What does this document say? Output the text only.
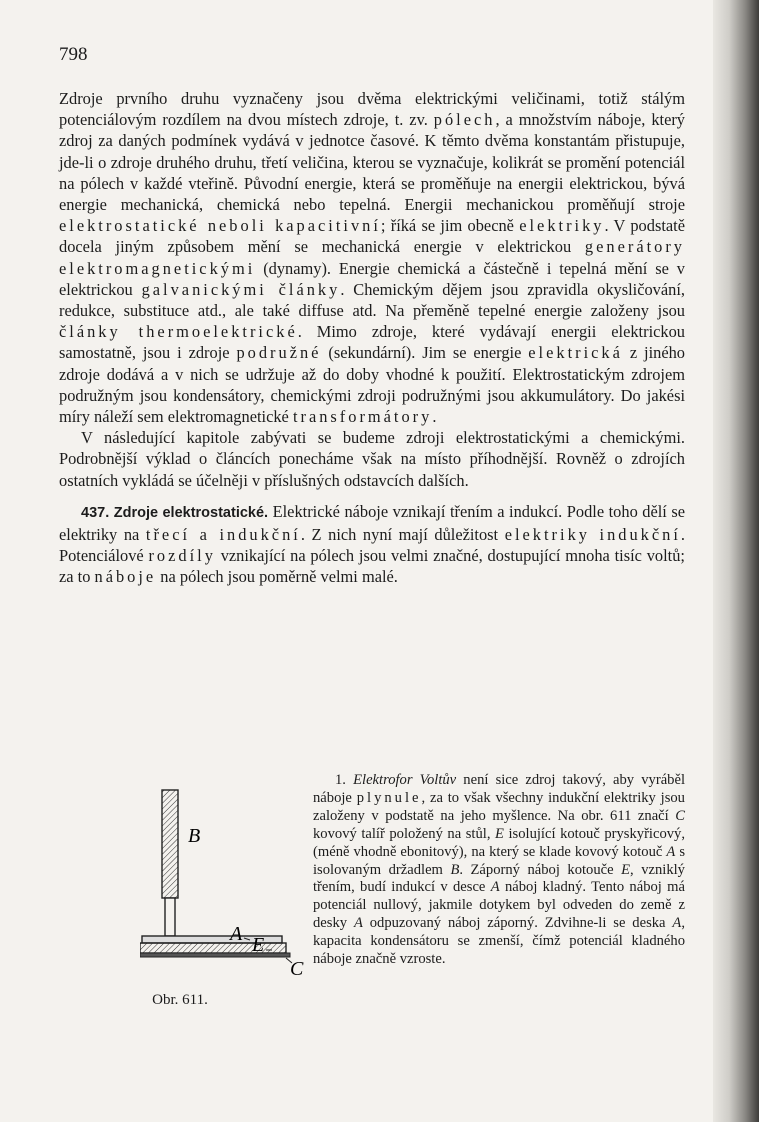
798

Zdroje prvního druhu vyznačeny jsou dvěma elektrickými veličinami, totiž stálým potenciálovým rozdílem na dvou místech zdroje, t. zv. pólech, a množstvím náboje, který zdroj za daných podmínek vydává v jednotce časové. K těmto dvěma konstantám přistupuje, jde-li o zdroje druhého druhu, třetí veličina, kterou se vyznačuje, kolikrát se promění potenciál na pólech v každé vteřině. Původní energie, která se proměňuje na energii elektrickou, bývá energie mechanická, chemická nebo tepelná. Energii mechanickou proměňují stroje elektrostatické neboli kapacitivní; říká se jim obecně elektriky. V podstatě docela jiným způsobem mění se mechanická energie v elektrickou generátory elektromagnetickými (dynamy). Energie chemická a částečně i tepelná mění se v elektrickou galvanickými články. Chemickým dějem jsou zpravidla okysličování, redukce, substituce atd., ale také diffuse atd. Na přeměně tepelné energie založeny jsou články thermoelektrické. Mimo zdroje, které vydávají energii elektrickou samostatně, jsou i zdroje podružné (sekundární). Jim se energie elektrická z jiného zdroje dodává a v nich se udržuje až do doby vhodné k použití. Elektrostatickým zdrojem podružným jsou kondensátory, chemickými zdroji podružnými jsou akkumulátory. Do jakési míry náleží sem elektromagnetické transformátory.

V následující kapitole zabývati se budeme zdroji elektrostatickými a chemickými. Podrobnější výklad o článcích ponecháme však na místo příhodnější. Rovněž o zdrojích ostatních vykládá se účelněji v příslušných odstavcích dalších.

437. Zdroje elektrostatické. Elektrické náboje vznikají třením a indukcí. Podle toho dělí se elektriky na třecí a indukční. Z nich nyní mají důležitost elektriky indukční. Potenciálové rozdíly vznikající na pólech jsou velmi značné, dostupující mnoha tisíc voltů; za to náboje na pólech jsou poměrně velmi malé.

1. Elektrofor Voltův není sice zdroj takový, aby vyráběl náboje plynule, za to však všechny indukční elektriky jsou založeny v podstatě na jeho myšlence. Na obr. 611 značí C kovový talíř položený na stůl, E isolující kotouč pryskyřicový, (méně vhodně ebonitový), na který se klade kovový kotouč A s isolovaným držadlem B. Záporný náboj kotouče E, vzniklý třením, budí indukcí v desce A náboj kladný. Tento náboj má potenciál nullový, jakmile dotykem byl odveden do země z desky A odpuzovaný náboj záporný. Zdvihne-li se deska A, kapacita kondensátoru se zmenší, čímž potenciál kladného náboje značně vzroste.

B
A E
C
Obr. 611.
